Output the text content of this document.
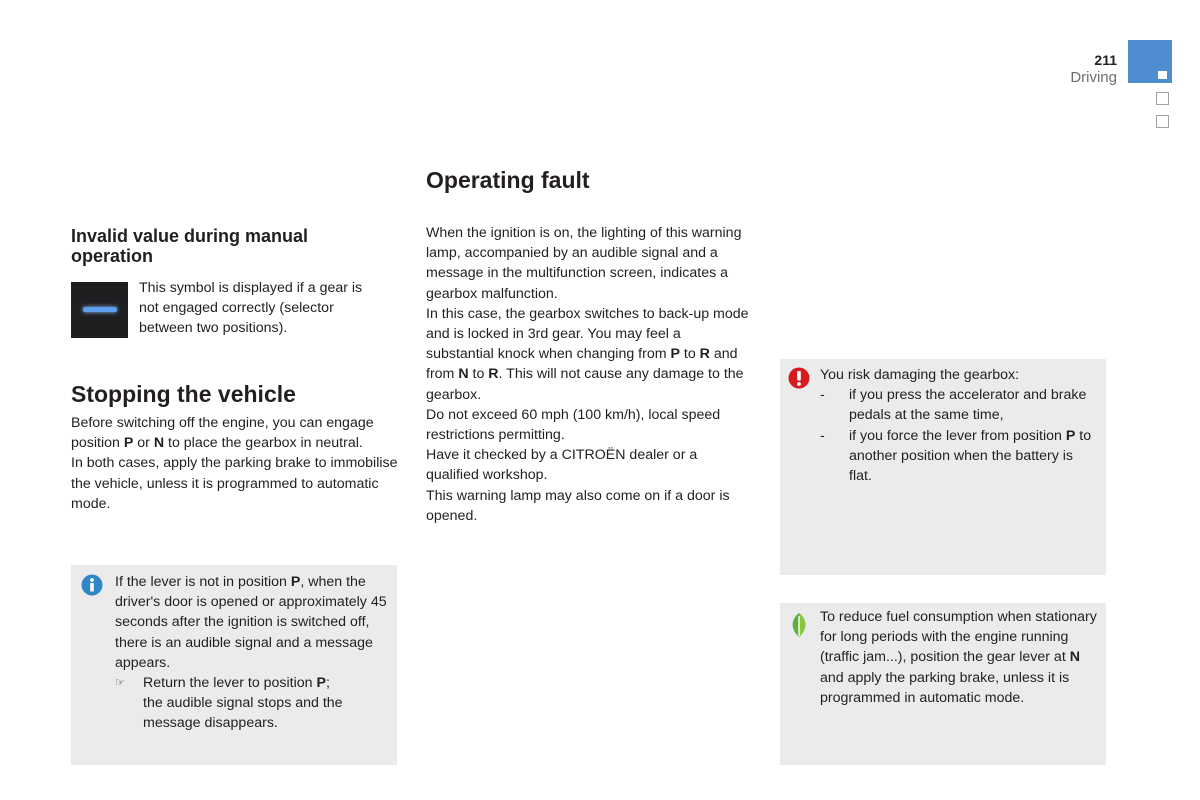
211
Driving
Invalid value during manual operation
This symbol is displayed if a gear is not engaged correctly (selector between two positions).
Stopping the vehicle

Before switching off the engine, you can engage position P or N to place the gearbox in neutral.

In both cases, apply the parking brake to immobilise the vehicle, unless it is programmed to automatic mode.

If the lever is not in position P, when the driver's door is opened or approximately 45 seconds after the ignition is switched off, there is an audible signal and a message appears.

☞	Return the lever to position P;
the audible signal stops and the message disappears.
Operating fault

When the ignition is on, the lighting of this warning lamp, accompanied by an audible signal and a message in the multifunction screen, indicates a gearbox malfunction.

In this case, the gearbox switches to back-up mode and is locked in 3rd gear. You may feel a substantial knock when changing from P to R and from N to R. This will not cause any damage to the gearbox.

Do not exceed 60 mph (100 km/h), local speed restrictions permitting.

Have it checked by a CITROËN dealer or a qualified workshop.

This warning lamp may also come on if a door is opened.

You risk damaging the gearbox:

-	if you press the accelerator and brake pedals at the same time,
-	if you force the lever from position P to another position when the battery is flat.

To reduce fuel consumption when stationary for long periods with the engine running (traffic jam...), position the gear lever at N and apply the parking brake, unless it is programmed in automatic mode.
